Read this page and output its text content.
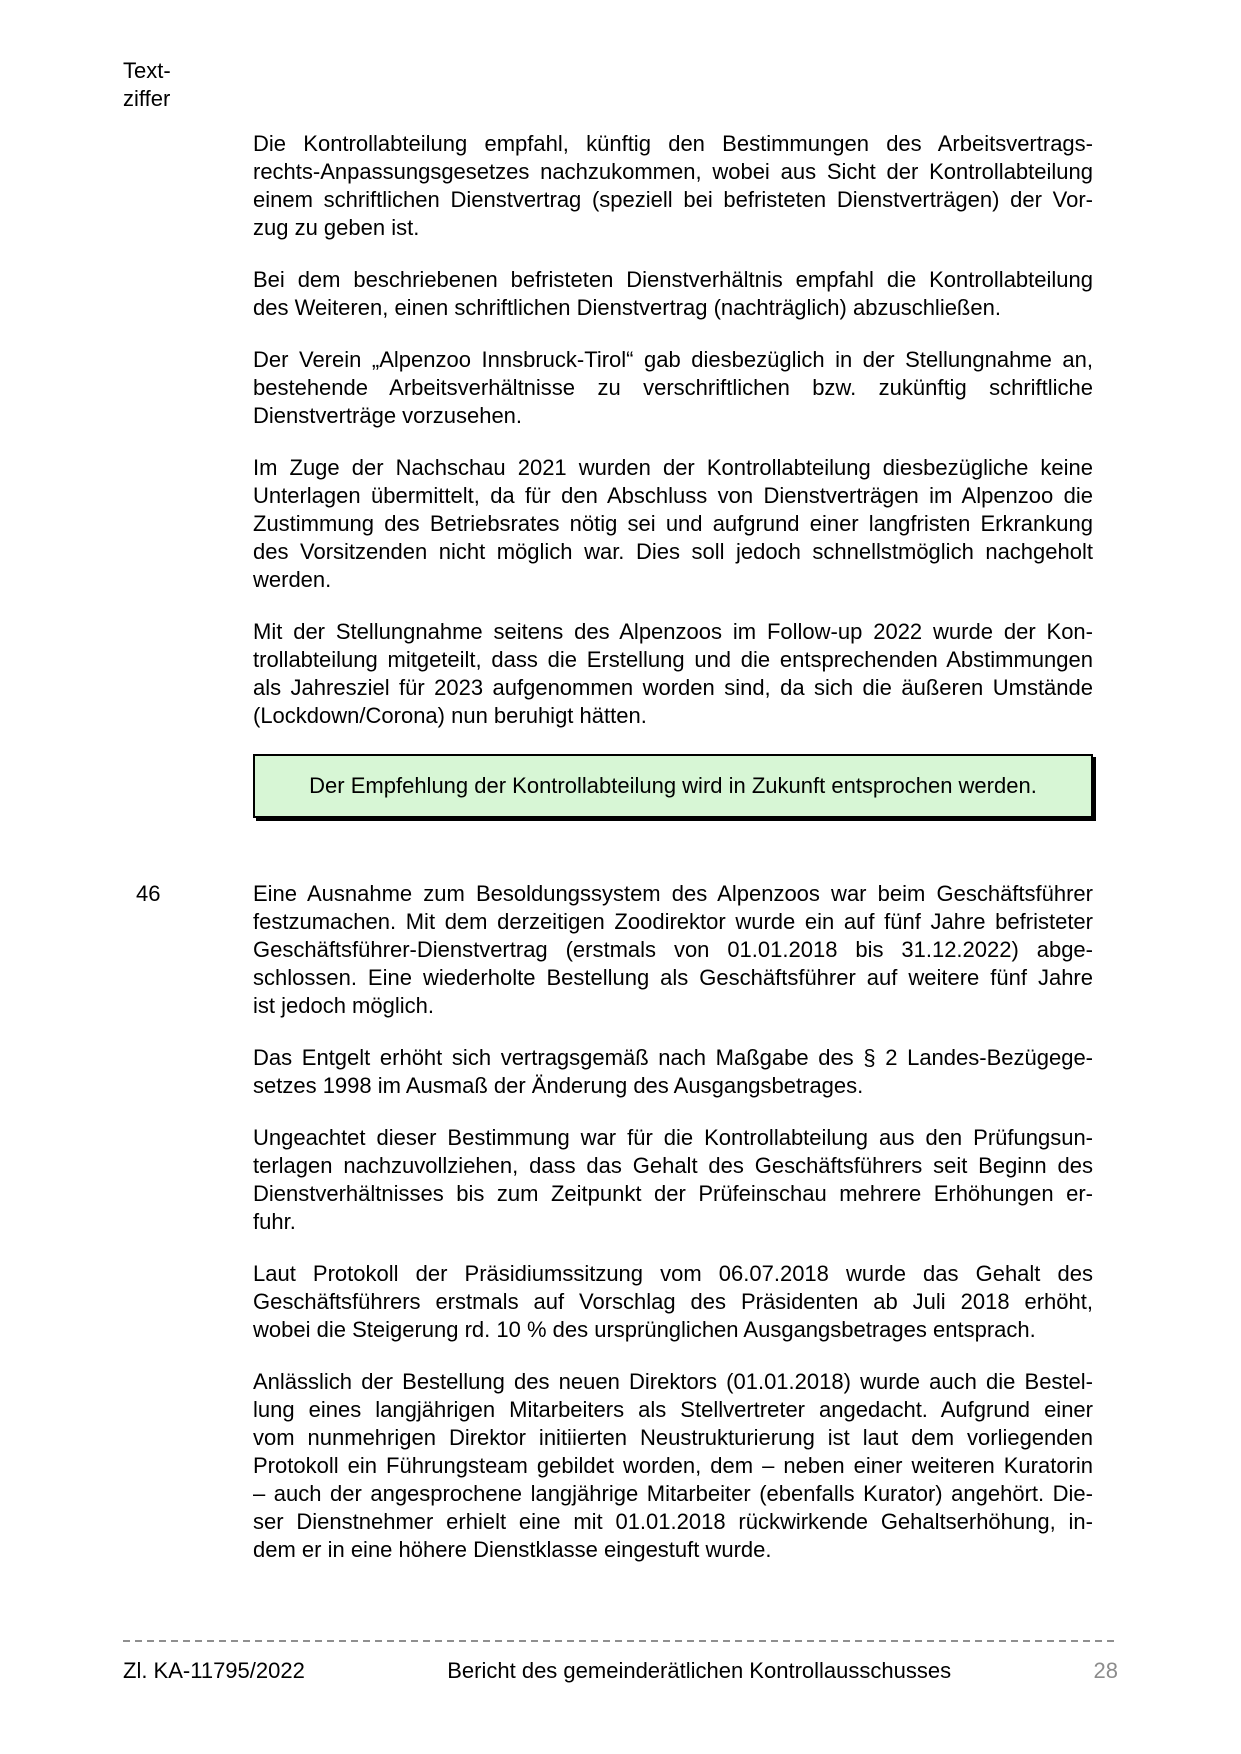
Text-
ziffer
Die Kontrollabteilung empfahl, künftig den Bestimmungen des Arbeitsvertrags-
rechts-Anpassungsgesetzes nachzukommen, wobei aus Sicht der Kontrollabteilung
einem schriftlichen Dienstvertrag (speziell bei befristeten Dienstverträgen) der Vor-
zug zu geben ist.
Bei dem beschriebenen befristeten Dienstverhältnis empfahl die Kontrollabteilung
des Weiteren, einen schriftlichen Dienstvertrag (nachträglich) abzuschließen.
Der Verein „Alpenzoo Innsbruck-Tirol“ gab diesbezüglich in der Stellungnahme an,
bestehende Arbeitsverhältnisse zu verschriftlichen bzw. zukünftig schriftliche
Dienstverträge vorzusehen.
Im Zuge der Nachschau 2021 wurden der Kontrollabteilung diesbezügliche keine
Unterlagen übermittelt, da für den Abschluss von Dienstverträgen im Alpenzoo die
Zustimmung des Betriebsrates nötig sei und aufgrund einer langfristen Erkrankung
des Vorsitzenden nicht möglich war. Dies soll jedoch schnellstmöglich nachgeholt
werden.
Mit der Stellungnahme seitens des Alpenzoos im Follow-up 2022 wurde der Kon-
trollabteilung mitgeteilt, dass die Erstellung und die entsprechenden Abstimmungen
als Jahresziel für 2023 aufgenommen worden sind, da sich die äußeren Umstände
(Lockdown/Corona) nun beruhigt hätten.
Der Empfehlung der Kontrollabteilung wird in Zukunft entsprochen werden.
46	Eine Ausnahme zum Besoldungssystem des Alpenzoos war beim Geschäftsführer
festzumachen. Mit dem derzeitigen Zoodirektor wurde ein auf fünf Jahre befristeter
Geschäftsführer-Dienstvertrag (erstmals von 01.01.2018 bis 31.12.2022) abge-
schlossen. Eine wiederholte Bestellung als Geschäftsführer auf weitere fünf Jahre
ist jedoch möglich.
Das Entgelt erhöht sich vertragsgemäß nach Maßgabe des § 2 Landes-Bezügege-
setzes 1998 im Ausmaß der Änderung des Ausgangsbetrages.
Ungeachtet dieser Bestimmung war für die Kontrollabteilung aus den Prüfungsun-
terlagen nachzuvollziehen, dass das Gehalt des Geschäftsführers seit Beginn des
Dienstverhältnisses bis zum Zeitpunkt der Prüfeinschau mehrere Erhöhungen er-
fuhr.
Laut Protokoll der Präsidiumssitzung vom 06.07.2018 wurde das Gehalt des
Geschäftsführers erstmals auf Vorschlag des Präsidenten ab Juli 2018 erhöht,
wobei die Steigerung rd. 10 % des ursprünglichen Ausgangsbetrages entsprach.
Anlässlich der Bestellung des neuen Direktors (01.01.2018) wurde auch die Bestel-
lung eines langjährigen Mitarbeiters als Stellvertreter angedacht. Aufgrund einer
vom nunmehrigen Direktor initiierten Neustrukturierung ist laut dem vorliegenden
Protokoll ein Führungsteam gebildet worden, dem – neben einer weiteren Kuratorin
– auch der angesprochene langjährige Mitarbeiter (ebenfalls Kurator) angehört. Die-
ser Dienstnehmer erhielt eine mit 01.01.2018 rückwirkende Gehaltserhöhung, in-
dem er in eine höhere Dienstklasse eingestuft wurde.
Zl. KA-11795/2022	Bericht des gemeinderätlichen Kontrollausschusses	28
